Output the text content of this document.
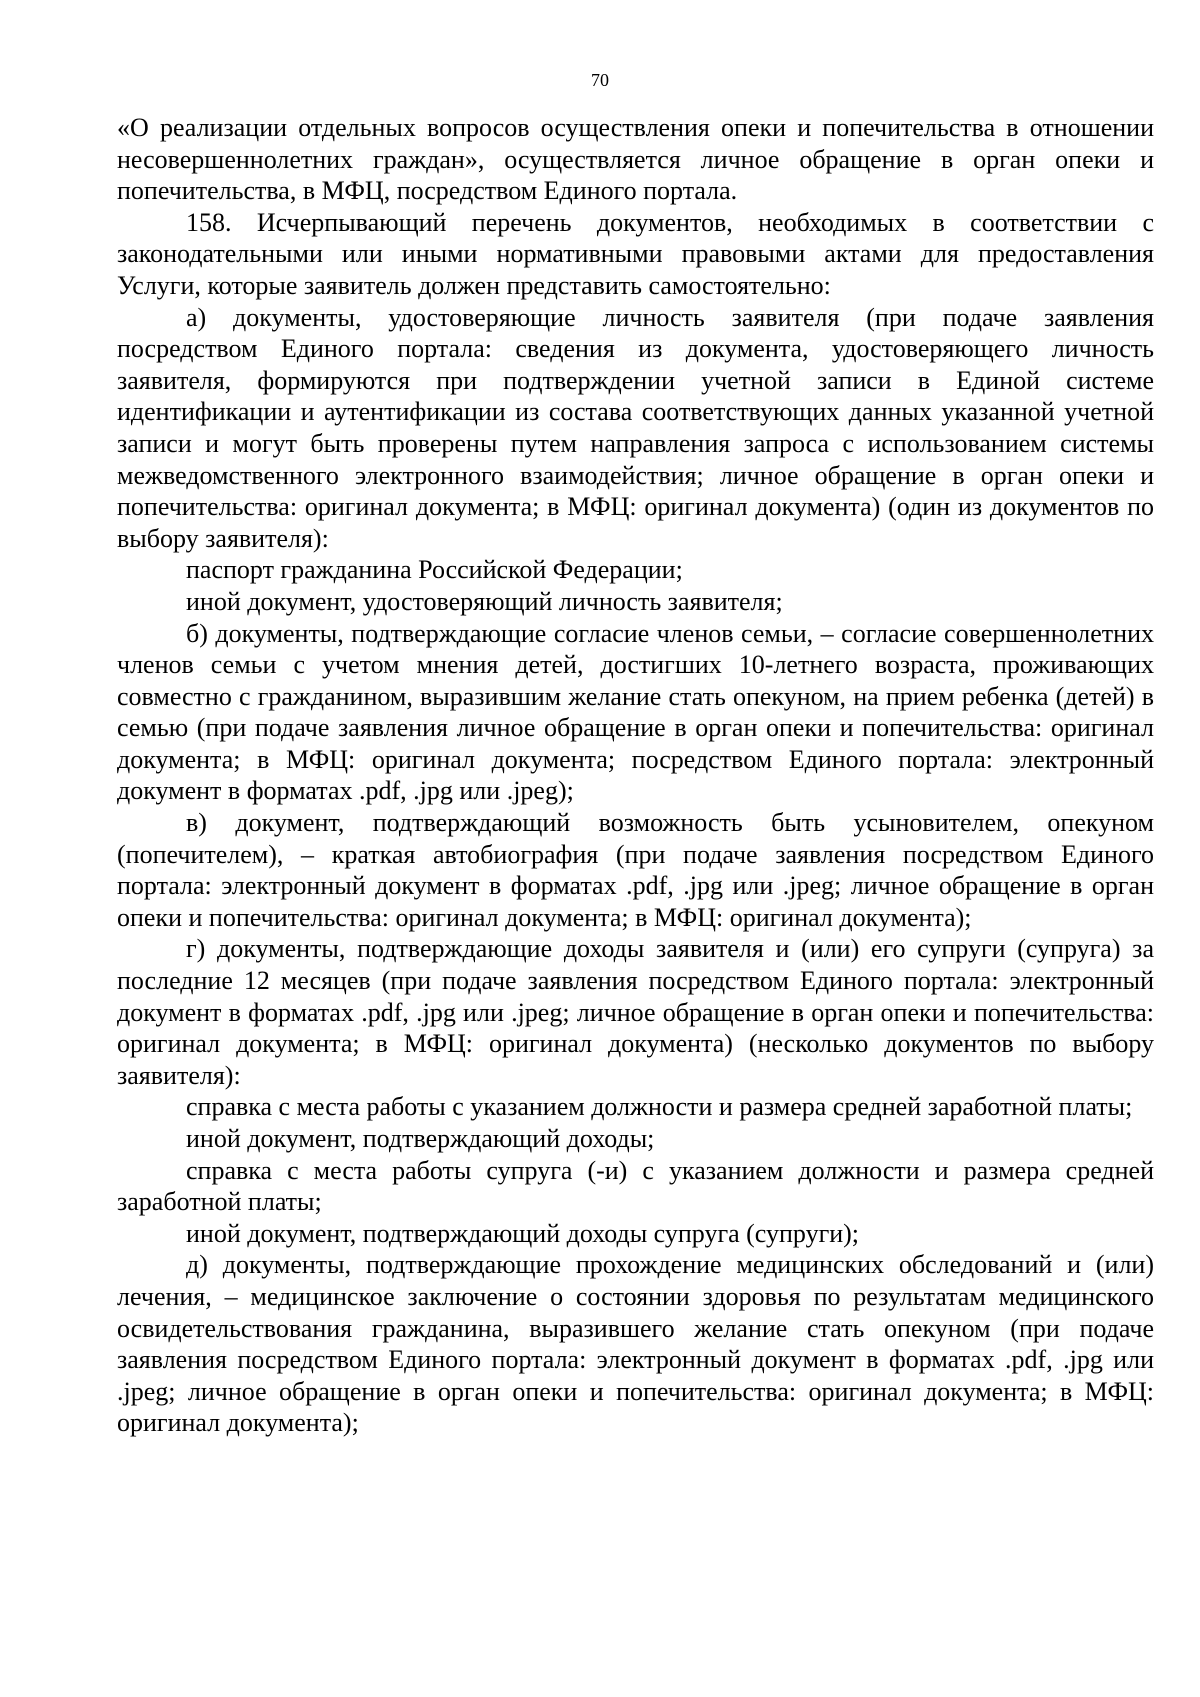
70

«О реализации отдельных вопросов осуществления опеки и попечительства в отношении несовершеннолетних граждан», осуществляется личное обращение в орган опеки и попечительства, в МФЦ, посредством Единого портала.

158. Исчерпывающий перечень документов, необходимых в соответствии с законодательными или иными нормативными правовыми актами для предоставления Услуги, которые заявитель должен представить самостоятельно:

а) документы, удостоверяющие личность заявителя (при подаче заявления посредством Единого портала: сведения из документа, удостоверяющего личность заявителя, формируются при подтверждении учетной записи в Единой системе идентификации и аутентификации из состава соответствующих данных указанной учетной записи и могут быть проверены путем направления запроса с использованием системы межведомственного электронного взаимодействия; личное обращение в орган опеки и попечительства: оригинал документа; в МФЦ: оригинал документа) (один из документов по выбору заявителя):

паспорт гражданина Российской Федерации;

иной документ, удостоверяющий личность заявителя;

б) документы, подтверждающие согласие членов семьи, – согласие совершеннолетних членов семьи с учетом мнения детей, достигших 10-летнего возраста, проживающих совместно с гражданином, выразившим желание стать опекуном, на прием ребенка (детей) в семью (при подаче заявления личное обращение в орган опеки и попечительства: оригинал документа; в МФЦ: оригинал документа; посредством Единого портала: электронный документ в форматах .pdf, .jpg или .jpeg);

в) документ, подтверждающий возможность быть усыновителем, опекуном (попечителем), – краткая автобиография (при подаче заявления посредством Единого портала: электронный документ в форматах .pdf, .jpg или .jpeg; личное обращение в орган опеки и попечительства: оригинал документа; в МФЦ: оригинал документа);

г) документы, подтверждающие доходы заявителя и (или) его супруги (супруга) за последние 12 месяцев (при подаче заявления посредством Единого портала: электронный документ в форматах .pdf, .jpg или .jpeg; личное обращение в орган опеки и попечительства: оригинал документа; в МФЦ: оригинал документа) (несколько документов по выбору заявителя):

справка с места работы с указанием должности и размера средней заработной платы;

иной документ, подтверждающий доходы;

справка с места работы супруга (-и) с указанием должности и размера средней заработной платы;

иной документ, подтверждающий доходы супруга (супруги);

д) документы, подтверждающие прохождение медицинских обследований и (или) лечения, – медицинское заключение о состоянии здоровья по результатам медицинского освидетельствования гражданина, выразившего желание стать опекуном (при подаче заявления посредством Единого портала: электронный документ в форматах .pdf, .jpg или .jpeg; личное обращение в орган опеки и попечительства: оригинал документа; в МФЦ: оригинал документа);
